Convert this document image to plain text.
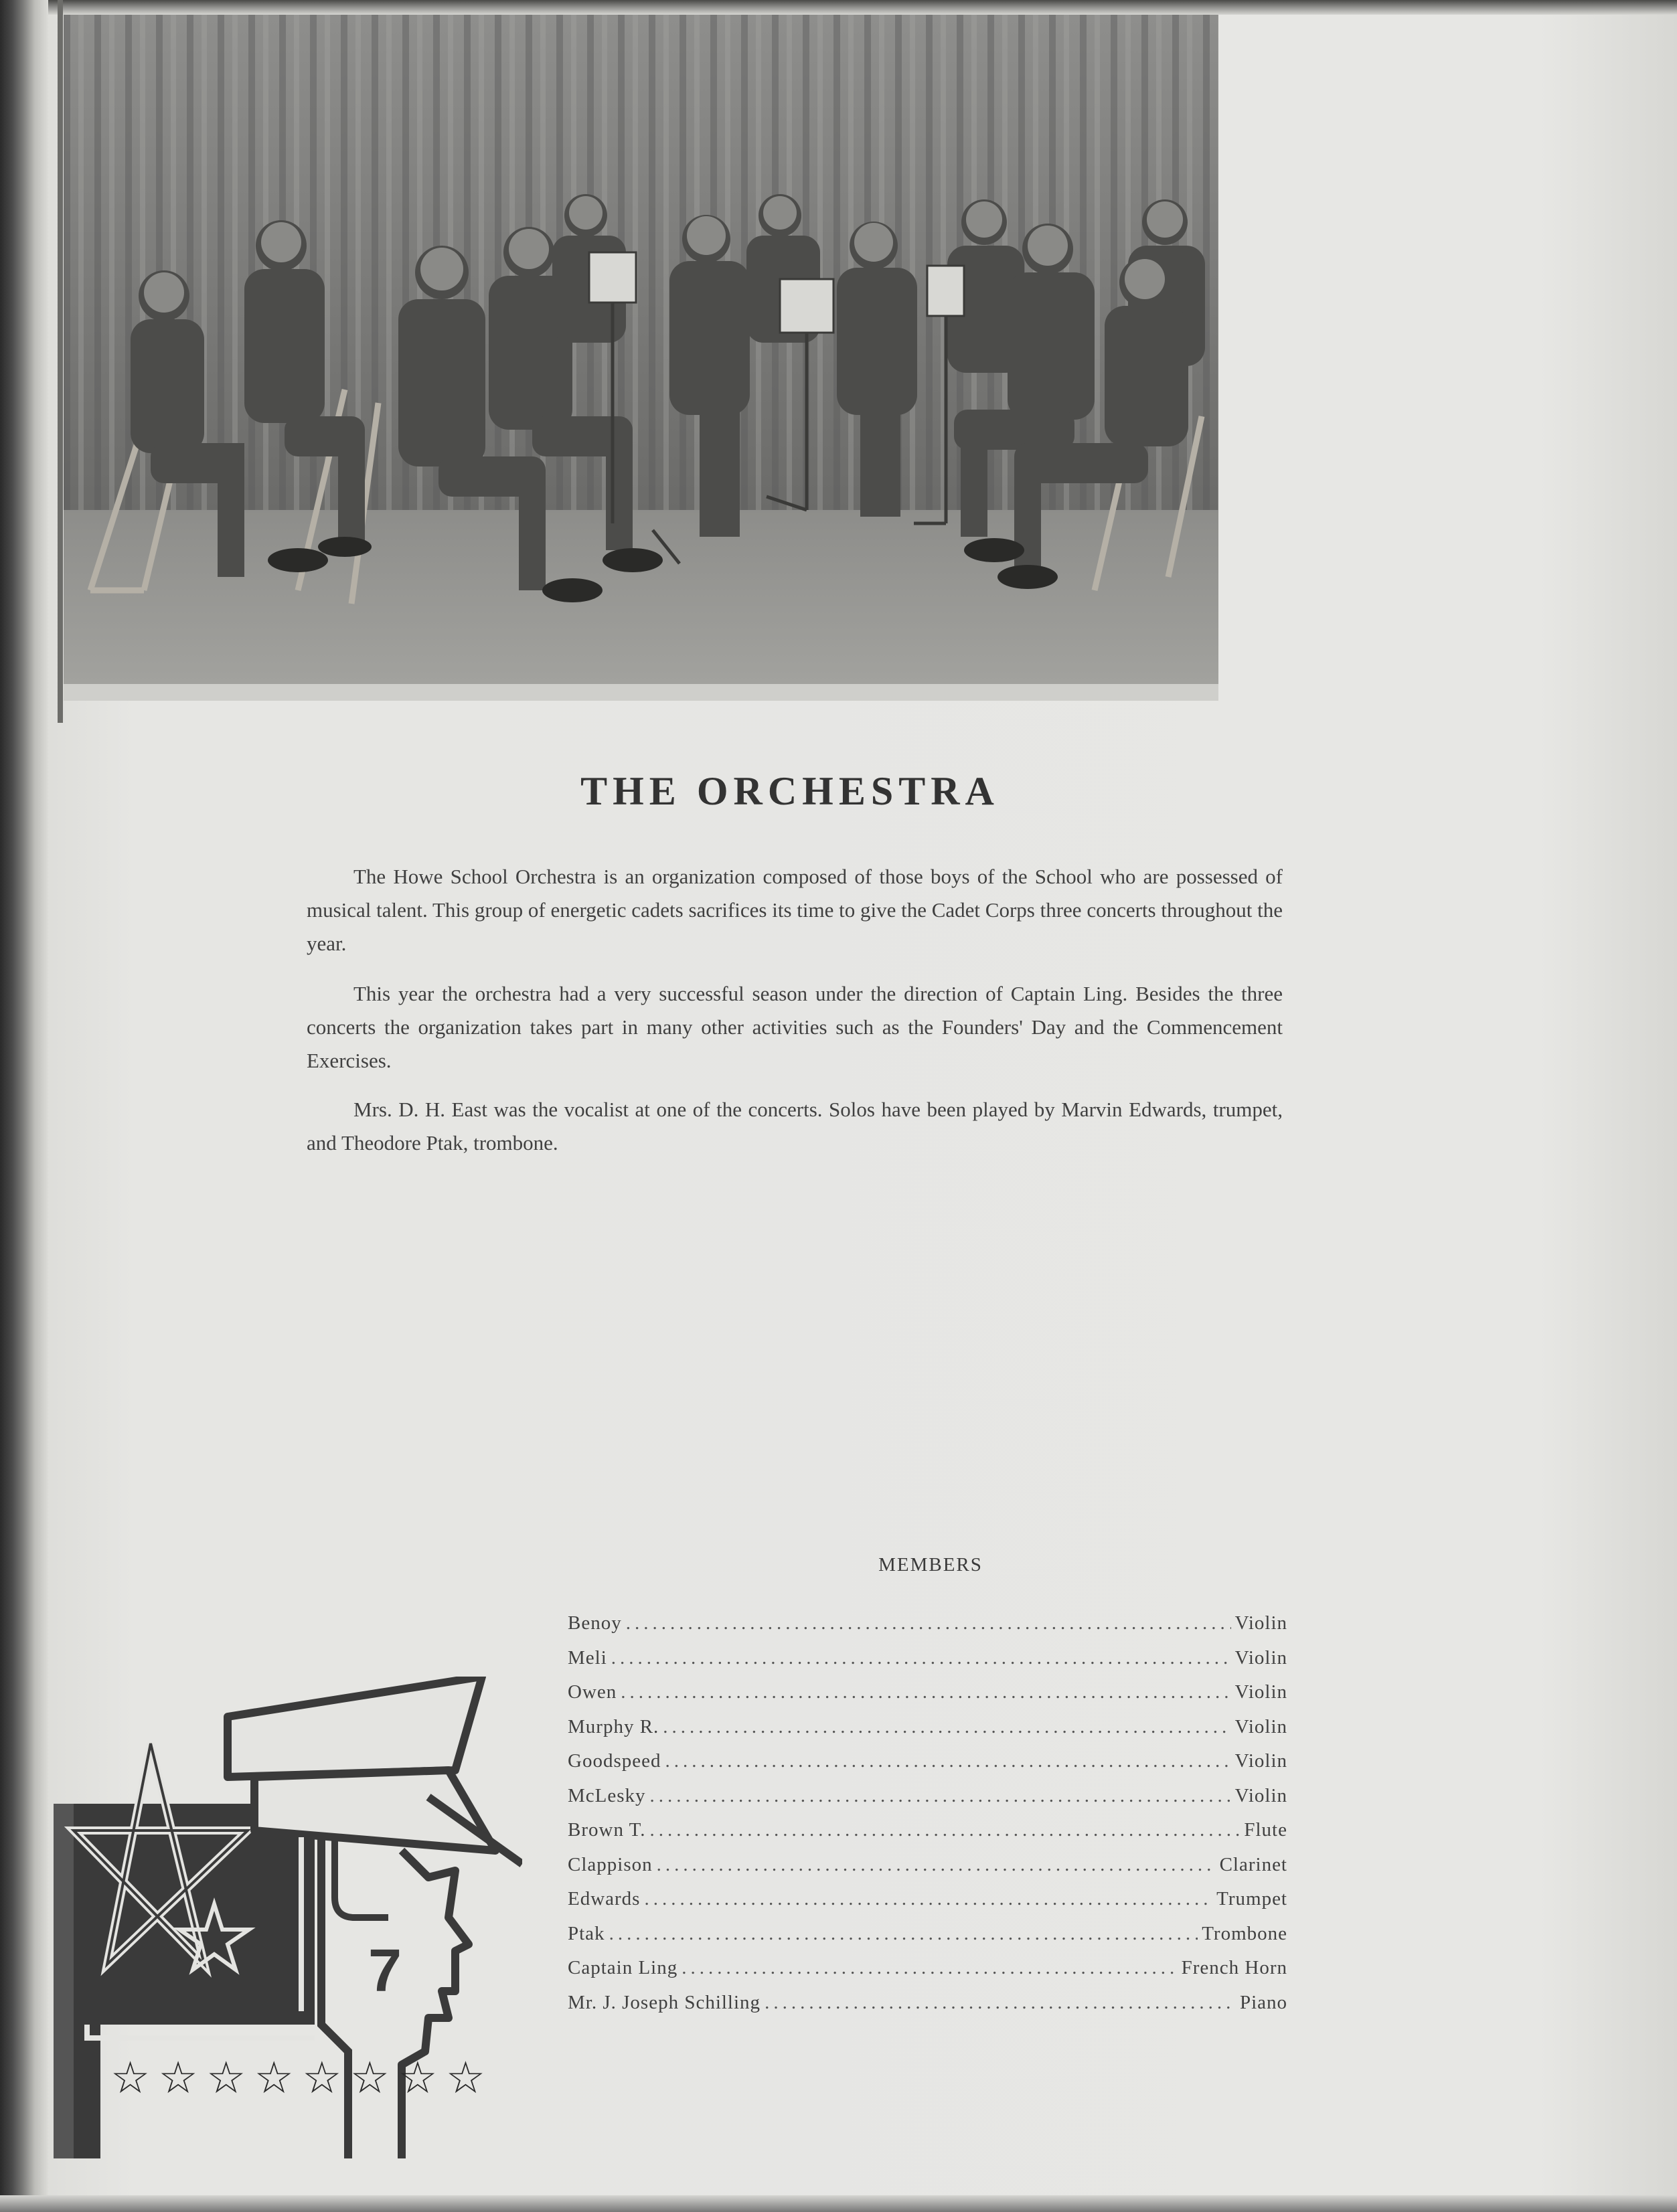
THE ORCHESTRA

The Howe School Orchestra is an organization composed of those boys of the School who are possessed of musical talent. This group of energetic cadets sacrifices its time to give the Cadet Corps three concerts throughout the year.

This year the orchestra had a very successful season under the direction of Captain Ling. Besides the three concerts the organization takes part in many other activities such as the Founders' Day and the Commencement Exercises.

Mrs. D. H. East was the vocalist at one of the concerts. Solos have been played by Marvin Edwards, trumpet, and Theodore Ptak, trombone.

MEMBERS
Benoy .....	Violin
Meli .....	Violin
Owen .....	Violin
Murphy R. .....	Violin
Goodspeed .....	Violin
McLesky .....	Violin
Brown T. .....	Flute
Clappison .....	Clarinet
Edwards .....	Trumpet
Ptak .....	Trombone
Captain Ling .....	French Horn
Mr. J. Joseph Schilling .....	Piano
7
☆ ☆ ☆ ☆ ☆ ☆ ☆ ☆
